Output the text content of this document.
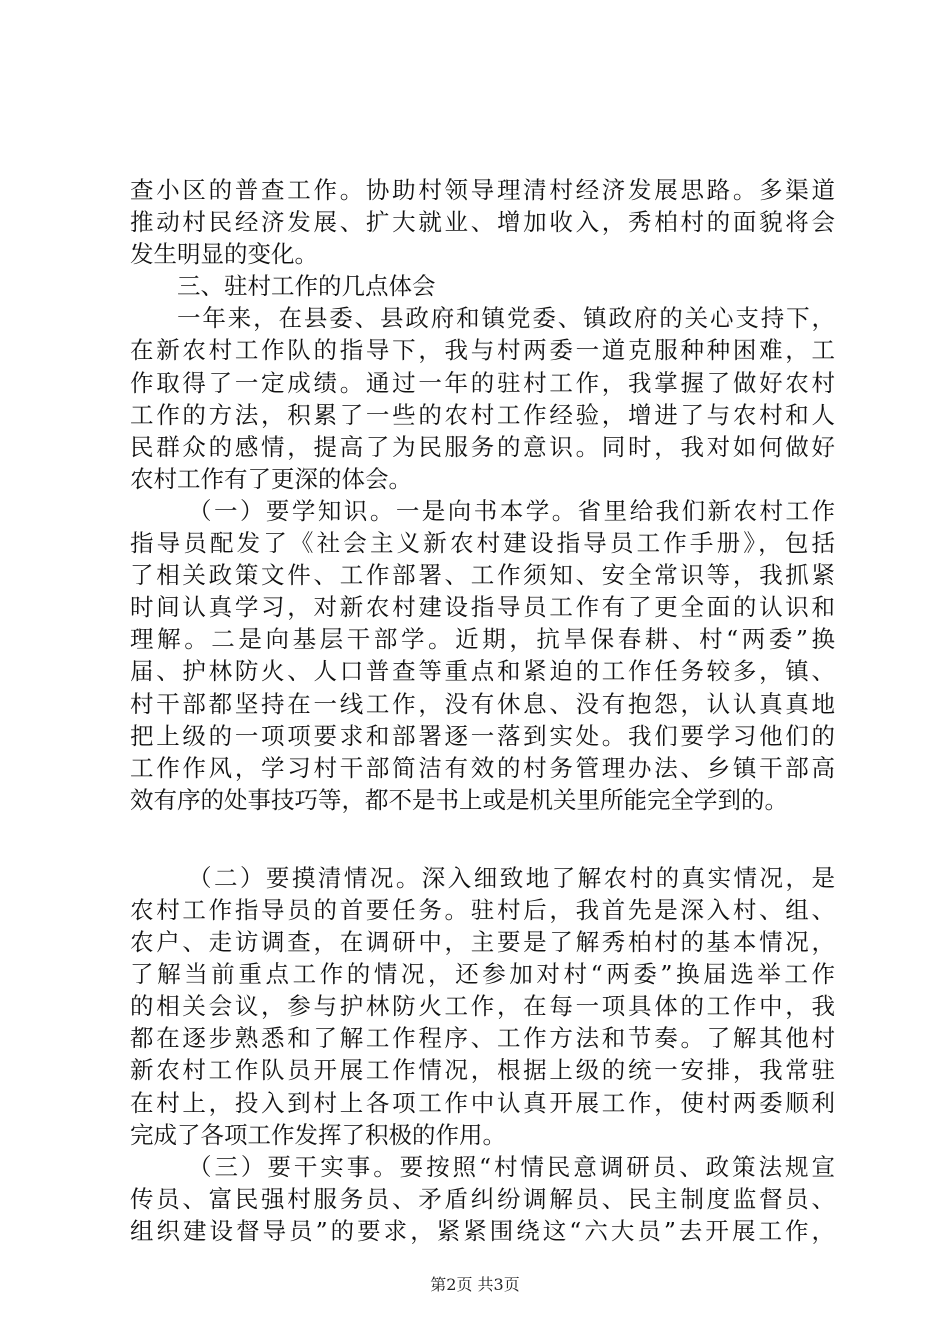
查小区的普查工作。协助村领导理清村经济发展思路。多渠道
推动村民经济发展、扩大就业、增加收入，秀柏村的面貌将会
发生明显的变化。
三、驻村工作的几点体会
一年来，在县委、县政府和镇党委、镇政府的关心支持下，
在新农村工作队的指导下，我与村两委一道克服种种困难，工
作取得了一定成绩。通过一年的驻村工作，我掌握了做好农村
工作的方法，积累了一些的农村工作经验，增进了与农村和人
民群众的感情，提高了为民服务的意识。同时，我对如何做好
农村工作有了更深的体会。
（一）要学知识。一是向书本学。省里给我们新农村工作
指导员配发了《社会主义新农村建设指导员工作手册》，包括
了相关政策文件、工作部署、工作须知、安全常识等，我抓紧
时间认真学习，对新农村建设指导员工作有了更全面的认识和
理解。二是向基层干部学。近期，抗旱保春耕、村“两委”换
届、护林防火、人口普查等重点和紧迫的工作任务较多，镇、
村干部都坚持在一线工作，没有休息、没有抱怨，认认真真地
把上级的一项项要求和部署逐一落到实处。我们要学习他们的
工作作风，学习村干部简洁有效的村务管理办法、乡镇干部高
效有序的处事技巧等，都不是书上或是机关里所能完全学到的。
（二）要摸清情况。深入细致地了解农村的真实情况，是
农村工作指导员的首要任务。驻村后，我首先是深入村、组、
农户、走访调查，在调研中，主要是了解秀柏村的基本情况，
了解当前重点工作的情况，还参加对村“两委”换届选举工作
的相关会议，参与护林防火工作，在每一项具体的工作中，我
都在逐步熟悉和了解工作程序、工作方法和节奏。了解其他村
新农村工作队员开展工作情况，根据上级的统一安排，我常驻
在村上，投入到村上各项工作中认真开展工作，使村两委顺利
完成了各项工作发挥了积极的作用。
（三）要干实事。要按照“村情民意调研员、政策法规宣
传员、富民强村服务员、矛盾纠纷调解员、民主制度监督员、
组织建设督导员”的要求，紧紧围绕这“六大员”去开展工作，
第2页 共3页
